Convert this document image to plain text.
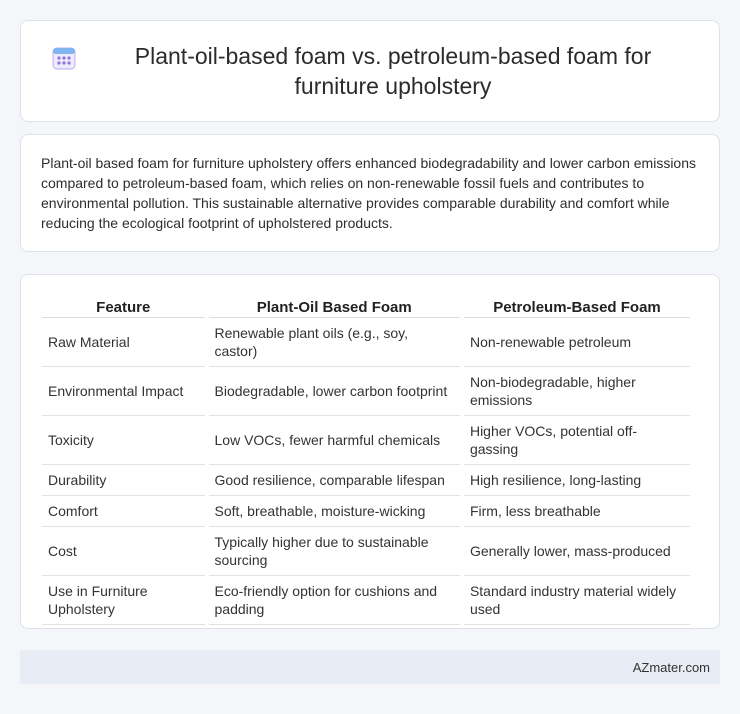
Plant-oil-based foam vs. petroleum-based foam for furniture upholstery

Plant-oil based foam for furniture upholstery offers enhanced biodegradability and lower carbon emissions compared to petroleum-based foam, which relies on non-renewable fossil fuels and contributes to environmental pollution. This sustainable alternative provides comparable durability and comfort while reducing the ecological footprint of upholstered products.

Feature	Plant-Oil Based Foam	Petroleum-Based Foam
Raw Material	Renewable plant oils (e.g., soy, castor)	Non-renewable petroleum
Environmental Impact	Biodegradable, lower carbon footprint	Non-biodegradable, higher emissions
Toxicity	Low VOCs, fewer harmful chemicals	Higher VOCs, potential off-gassing
Durability	Good resilience, comparable lifespan	High resilience, long-lasting
Comfort	Soft, breathable, moisture-wicking	Firm, less breathable
Cost	Typically higher due to sustainable sourcing	Generally lower, mass-produced
Use in Furniture Upholstery	Eco-friendly option for cushions and padding	Standard industry material widely used
AZmater.com
